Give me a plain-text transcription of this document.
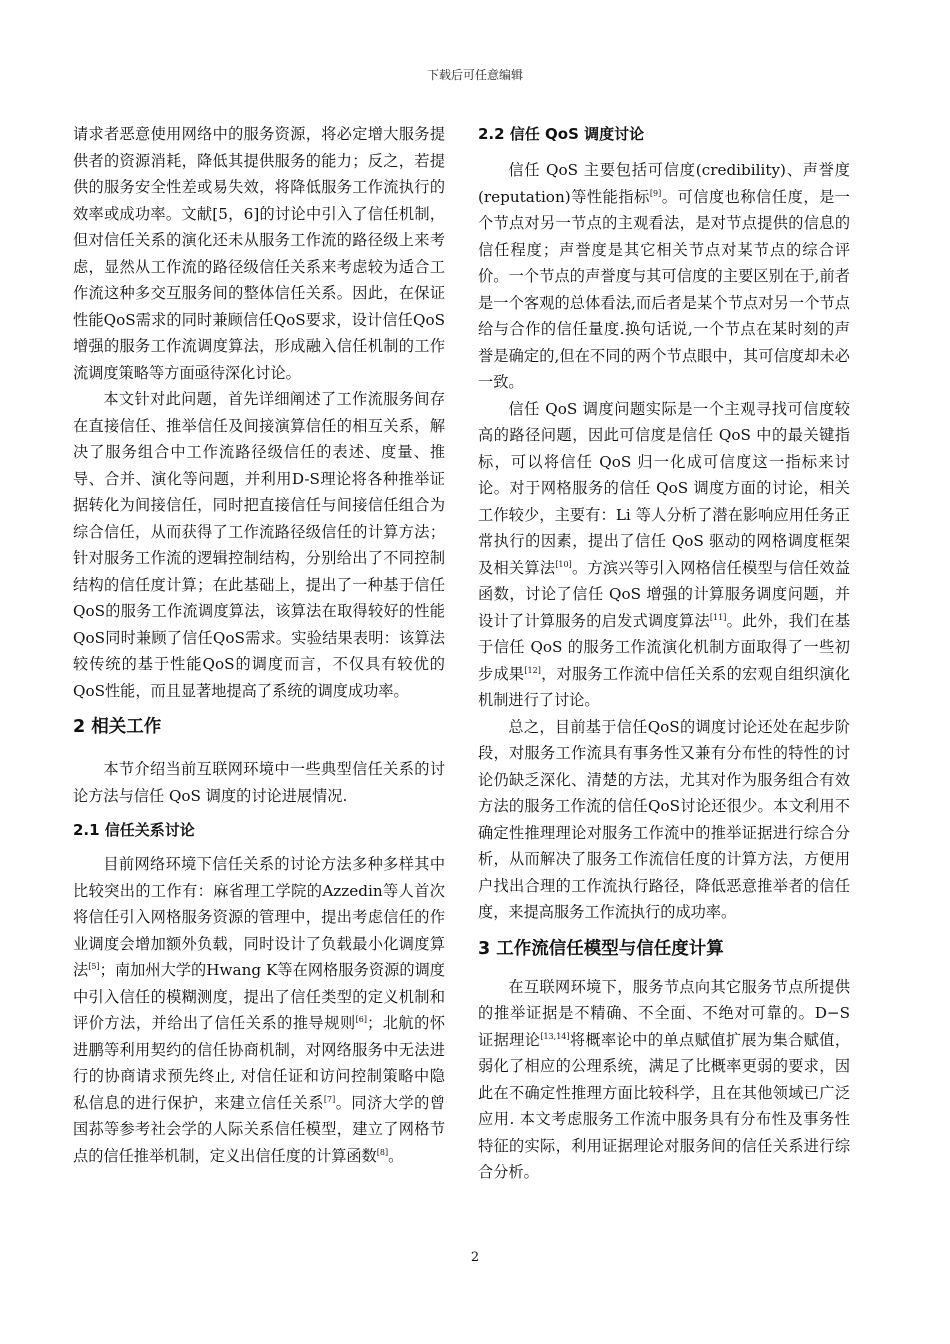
下载后可任意编辑

请求者恶意使用网络中的服务资源，将必定增大服务提供者的资源消耗，降低其提供服务的能力；反之，若提供的服务安全性差或易失效，将降低服务工作流执行的效率或成功率。文献[5，6]的讨论中引入了信任机制，但对信任关系的演化还未从服务工作流的路径级上来考虑，显然从工作流的路径级信任关系来考虑较为适合工作流这种多交互服务间的整体信任关系。因此，在保证性能QoS需求的同时兼顾信任QoS要求，设计信任QoS增强的服务工作流调度算法，形成融入信任机制的工作流调度策略等方面亟待深化讨论。

本文针对此问题，首先详细阐述了工作流服务间存在直接信任、推举信任及间接演算信任的相互关系，解决了服务组合中工作流路径级信任的表述、度量、推导、合并、演化等问题，并利用D-S理论将各种推举证据转化为间接信任，同时把直接信任与间接信任组合为综合信任，从而获得了工作流路径级信任的计算方法；针对服务工作流的逻辑控制结构，分别给出了不同控制结构的信任度计算；在此基础上，提出了一种基于信任QoS的服务工作流调度算法，该算法在取得较好的性能QoS同时兼顾了信任QoS需求。实验结果表明：该算法较传统的基于性能QoS的调度而言，不仅具有较优的QoS性能，而且显著地提高了系统的调度成功率。

2 相关工作

本节介绍当前互联网环境中一些典型信任关系的讨论方法与信任 QoS 调度的讨论进展情况.

2.1 信任关系讨论

目前网络环境下信任关系的讨论方法多种多样其中比较突出的工作有：麻省理工学院的Azzedin等人首次将信任引入网格服务资源的管理中，提出考虑信任的作业调度会增加额外负载，同时设计了负载最小化调度算法[5]；南加州大学的Hwang K等在网格服务资源的调度中引入信任的模糊测度，提出了信任类型的定义机制和评价方法，并给出了信任关系的推导规则[6]；北航的怀进鹏等利用契约的信任协商机制，对网络服务中无法进行的协商请求预先终止, 对信任证和访问控制策略中隐私信息的进行保护，来建立信任关系[7]。同济大学的曾国荪等参考社会学的人际关系信任模型，建立了网格节点的信任推举机制，定义出信任度的计算函数[8]。

2.2 信任 QoS 调度讨论

信任 QoS 主要包括可信度(credibility)、声誉度(reputation)等性能指标[9]。可信度也称信任度，是一个节点对另一节点的主观看法，是对节点提供的信息的信任程度；声誉度是其它相关节点对某节点的综合评价。一个节点的声誉度与其可信度的主要区别在于,前者是一个客观的总体看法,而后者是某个节点对另一个节点给与合作的信任量度.换句话说,一个节点在某时刻的声誉是确定的,但在不同的两个节点眼中，其可信度却未必一致。

信任 QoS 调度问题实际是一个主观寻找可信度较高的路径问题，因此可信度是信任 QoS 中的最关键指标，可以将信任 QoS 归一化成可信度这一指标来讨论。对于网格服务的信任 QoS 调度方面的讨论，相关工作较少，主要有：Li 等人分析了潜在影响应用任务正常执行的因素，提出了信任 QoS 驱动的网格调度框架及相关算法[10]。方滨兴等引入网格信任模型与信任效益函数，讨论了信任 QoS 增强的计算服务调度问题，并设计了计算服务的启发式调度算法[11]。此外，我们在基于信任 QoS 的服务工作流演化机制方面取得了一些初步成果[12]，对服务工作流中信任关系的宏观自组织演化机制进行了讨论。

总之，目前基于信任QoS的调度讨论还处在起步阶段，对服务工作流具有事务性又兼有分布性的特性的讨论仍缺乏深化、清楚的方法，尤其对作为服务组合有效方法的服务工作流的信任QoS讨论还很少。本文利用不确定性推理理论对服务工作流中的推举证据进行综合分析，从而解决了服务工作流信任度的计算方法，方便用户找出合理的工作流执行路径，降低恶意推举者的信任度，来提高服务工作流执行的成功率。

3 工作流信任模型与信任度计算

在互联网环境下，服务节点向其它服务节点所提供的推举证据是不精确、不全面、不绝对可靠的。D−S 证据理论[13,14]将概率论中的单点赋值扩展为集合赋值，弱化了相应的公理系统，满足了比概率更弱的要求，因此在不确定性推理方面比较科学，且在其他领域已广泛应用. 本文考虑服务工作流中服务具有分布性及事务性特征的实际，利用证据理论对服务间的信任关系进行综合分析。

2
